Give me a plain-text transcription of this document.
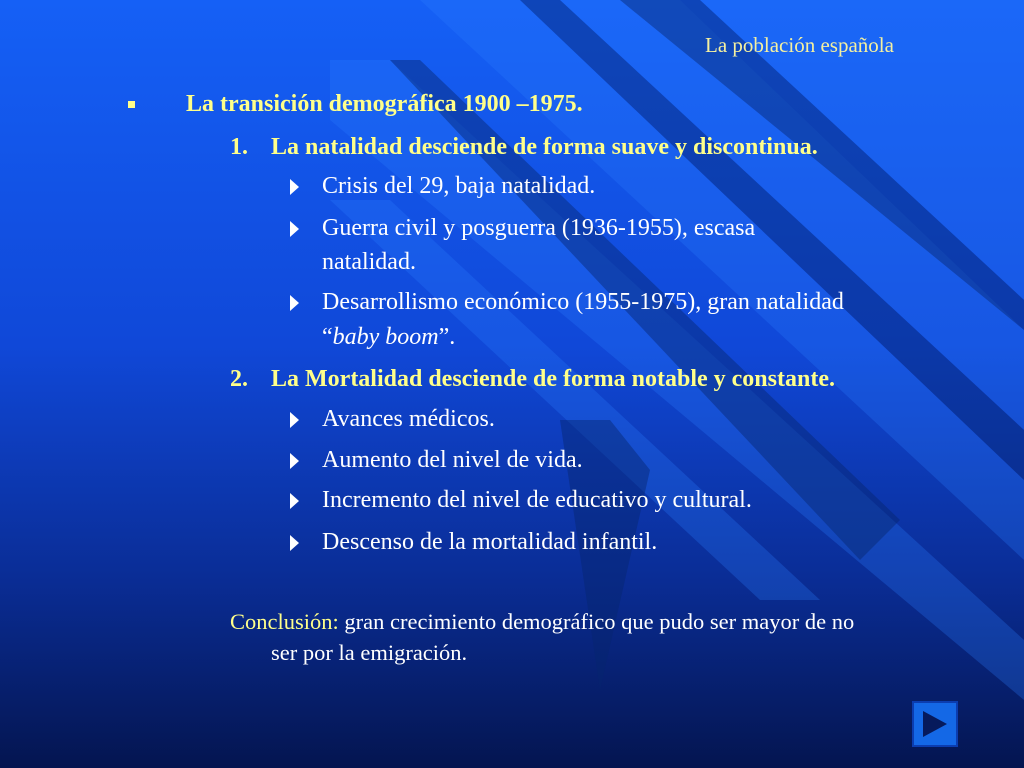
La población española
La transición demográfica 1900 –1975.
1. La natalidad desciende de forma suave y discontinua.
Crisis del 29, baja natalidad.
Guerra civil y posguerra (1936-1955), escasa
natalidad.
Desarrollismo económico (1955-1975), gran natalidad
“baby boom”.
2. La Mortalidad desciende de forma notable y constante.
Avances médicos.
Aumento del nivel de vida.
Incremento del nivel de educativo y cultural.
Descenso de la mortalidad infantil.
Conclusión: gran crecimiento demográfico que pudo ser mayor de no
ser por la emigración.
